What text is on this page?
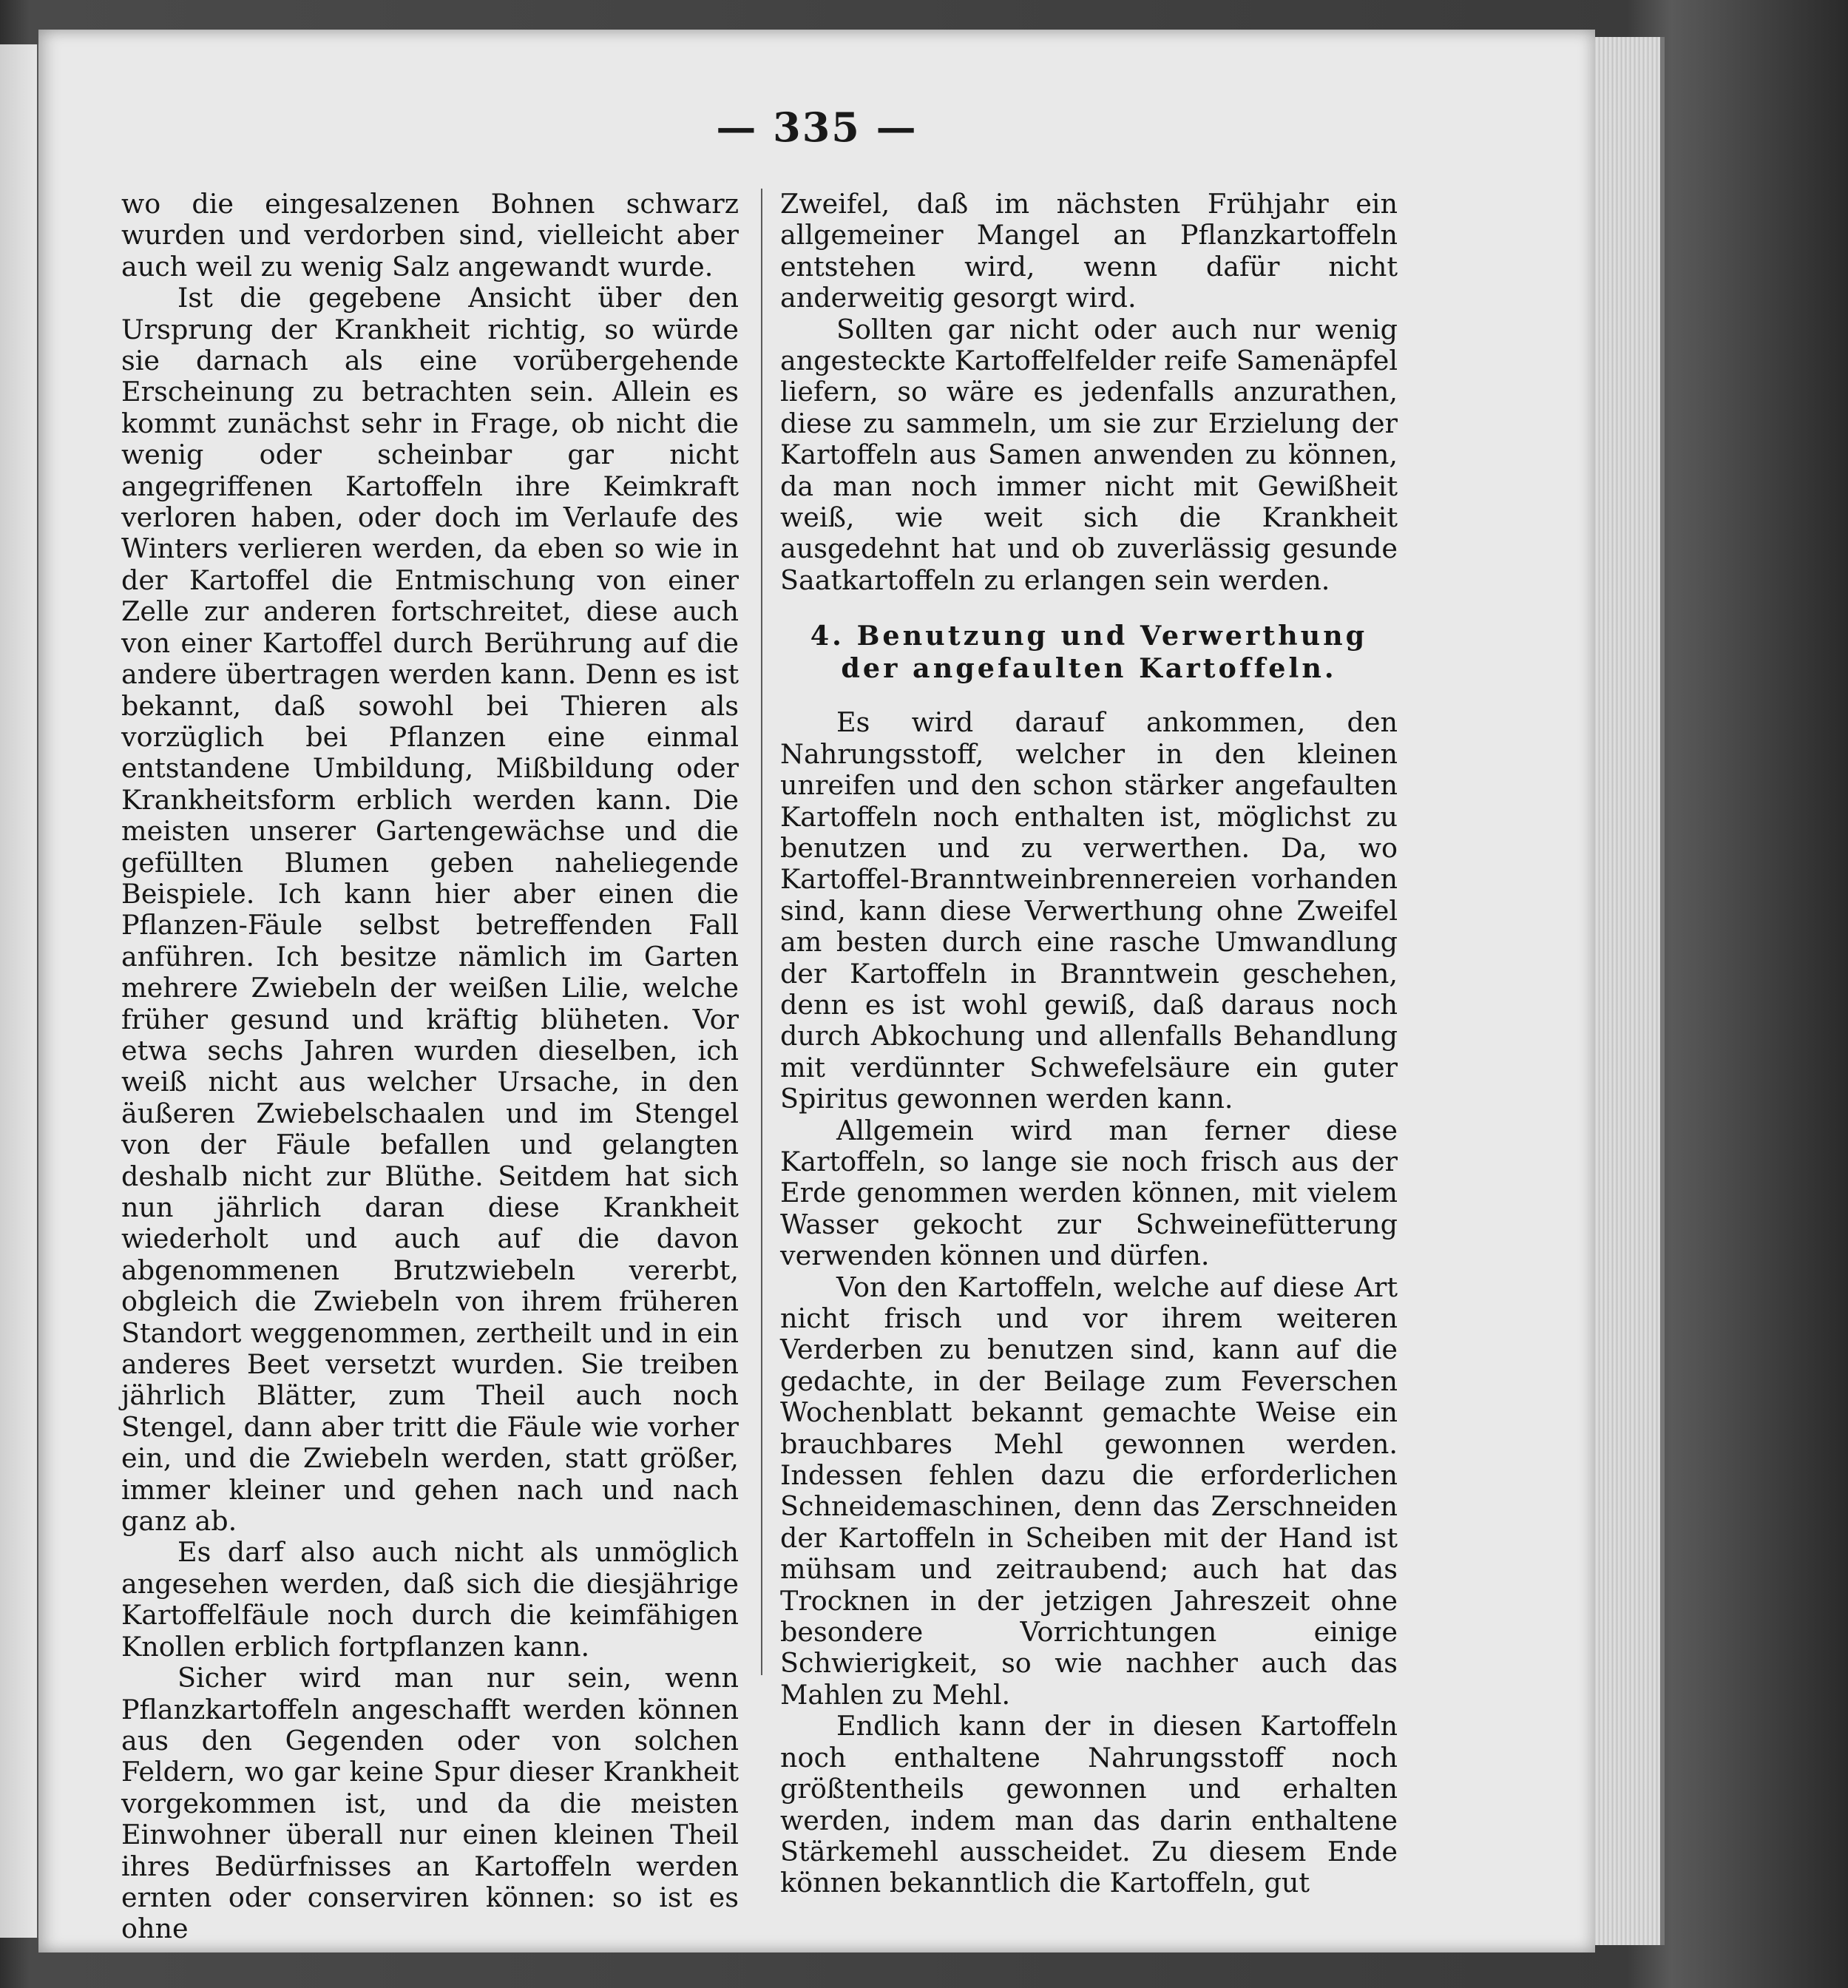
— 335 —

wo die eingesalzenen Bohnen schwarz wurden und verdorben sind, vielleicht aber auch weil zu wenig Salz angewandt wurde.

Ist die gegebene Ansicht über den Ursprung der Krankheit richtig, so würde sie darnach als eine vorübergehende Erscheinung zu betrachten sein. Allein es kommt zunächst sehr in Frage, ob nicht die wenig oder scheinbar gar nicht angegriffenen Kartoffeln ihre Keimkraft verloren haben, oder doch im Verlaufe des Winters verlieren werden, da eben so wie in der Kartoffel die Entmischung von einer Zelle zur anderen fortschreitet, diese auch von einer Kartoffel durch Berührung auf die andere übertragen werden kann. Denn es ist bekannt, daß sowohl bei Thieren als vorzüglich bei Pflanzen eine einmal entstandene Umbildung, Mißbildung oder Krankheitsform erblich werden kann. Die meisten unserer Gartengewächse und die gefüllten Blumen geben naheliegende Beispiele. Ich kann hier aber einen die Pflanzen-Fäule selbst betreffenden Fall anführen. Ich besitze nämlich im Garten mehrere Zwiebeln der weißen Lilie, welche früher gesund und kräftig blüheten. Vor etwa sechs Jahren wurden dieselben, ich weiß nicht aus welcher Ursache, in den äußeren Zwiebelschaalen und im Stengel von der Fäule befallen und gelangten deshalb nicht zur Blüthe. Seitdem hat sich nun jährlich daran diese Krankheit wiederholt und auch auf die davon abgenommenen Brutzwiebeln vererbt, obgleich die Zwiebeln von ihrem früheren Standort weggenommen, zertheilt und in ein anderes Beet versetzt wurden. Sie treiben jährlich Blätter, zum Theil auch noch Stengel, dann aber tritt die Fäule wie vorher ein, und die Zwiebeln werden, statt größer, immer kleiner und gehen nach und nach ganz ab.

Es darf also auch nicht als unmöglich angesehen werden, daß sich die diesjährige Kartoffelfäule noch durch die keimfähigen Knollen erblich fortpflanzen kann.

Sicher wird man nur sein, wenn Pflanzkartoffeln angeschafft werden können aus den Gegenden oder von solchen Feldern, wo gar keine Spur dieser Krankheit vorgekommen ist, und da die meisten Einwohner überall nur einen kleinen Theil ihres Bedürfnisses an Kartoffeln werden ernten oder conserviren können: so ist es ohne

Zweifel, daß im nächsten Frühjahr ein allgemeiner Mangel an Pflanzkartoffeln entstehen wird, wenn dafür nicht anderweitig gesorgt wird.

Sollten gar nicht oder auch nur wenig angesteckte Kartoffelfelder reife Samenäpfel liefern, so wäre es jedenfalls anzurathen, diese zu sammeln, um sie zur Erzielung der Kartoffeln aus Samen anwenden zu können, da man noch immer nicht mit Gewißheit weiß, wie weit sich die Krankheit ausgedehnt hat und ob zuverlässig gesunde Saatkartoffeln zu erlangen sein werden.

4. Benutzung und Verwerthung der angefaulten Kartoffeln.

Es wird darauf ankommen, den Nahrungsstoff, welcher in den kleinen unreifen und den schon stärker angefaulten Kartoffeln noch enthalten ist, möglichst zu benutzen und zu verwerthen. Da, wo Kartoffel-Branntweinbrennereien vorhanden sind, kann diese Verwerthung ohne Zweifel am besten durch eine rasche Umwandlung der Kartoffeln in Branntwein geschehen, denn es ist wohl gewiß, daß daraus noch durch Abkochung und allenfalls Behandlung mit verdünnter Schwefelsäure ein guter Spiritus gewonnen werden kann.

Allgemein wird man ferner diese Kartoffeln, so lange sie noch frisch aus der Erde genommen werden können, mit vielem Wasser gekocht zur Schweinefütterung verwenden können und dürfen.

Von den Kartoffeln, welche auf diese Art nicht frisch und vor ihrem weiteren Verderben zu benutzen sind, kann auf die gedachte, in der Beilage zum Feverschen Wochenblatt bekannt gemachte Weise ein brauchbares Mehl gewonnen werden. Indessen fehlen dazu die erforderlichen Schneidemaschinen, denn das Zerschneiden der Kartoffeln in Scheiben mit der Hand ist mühsam und zeitraubend; auch hat das Trocknen in der jetzigen Jahreszeit ohne besondere Vorrichtungen einige Schwierigkeit, so wie nachher auch das Mahlen zu Mehl.

Endlich kann der in diesen Kartoffeln noch enthaltene Nahrungsstoff noch größtentheils gewonnen und erhalten werden, indem man das darin enthaltene Stärkemehl ausscheidet. Zu diesem Ende können bekanntlich die Kartoffeln, gut
